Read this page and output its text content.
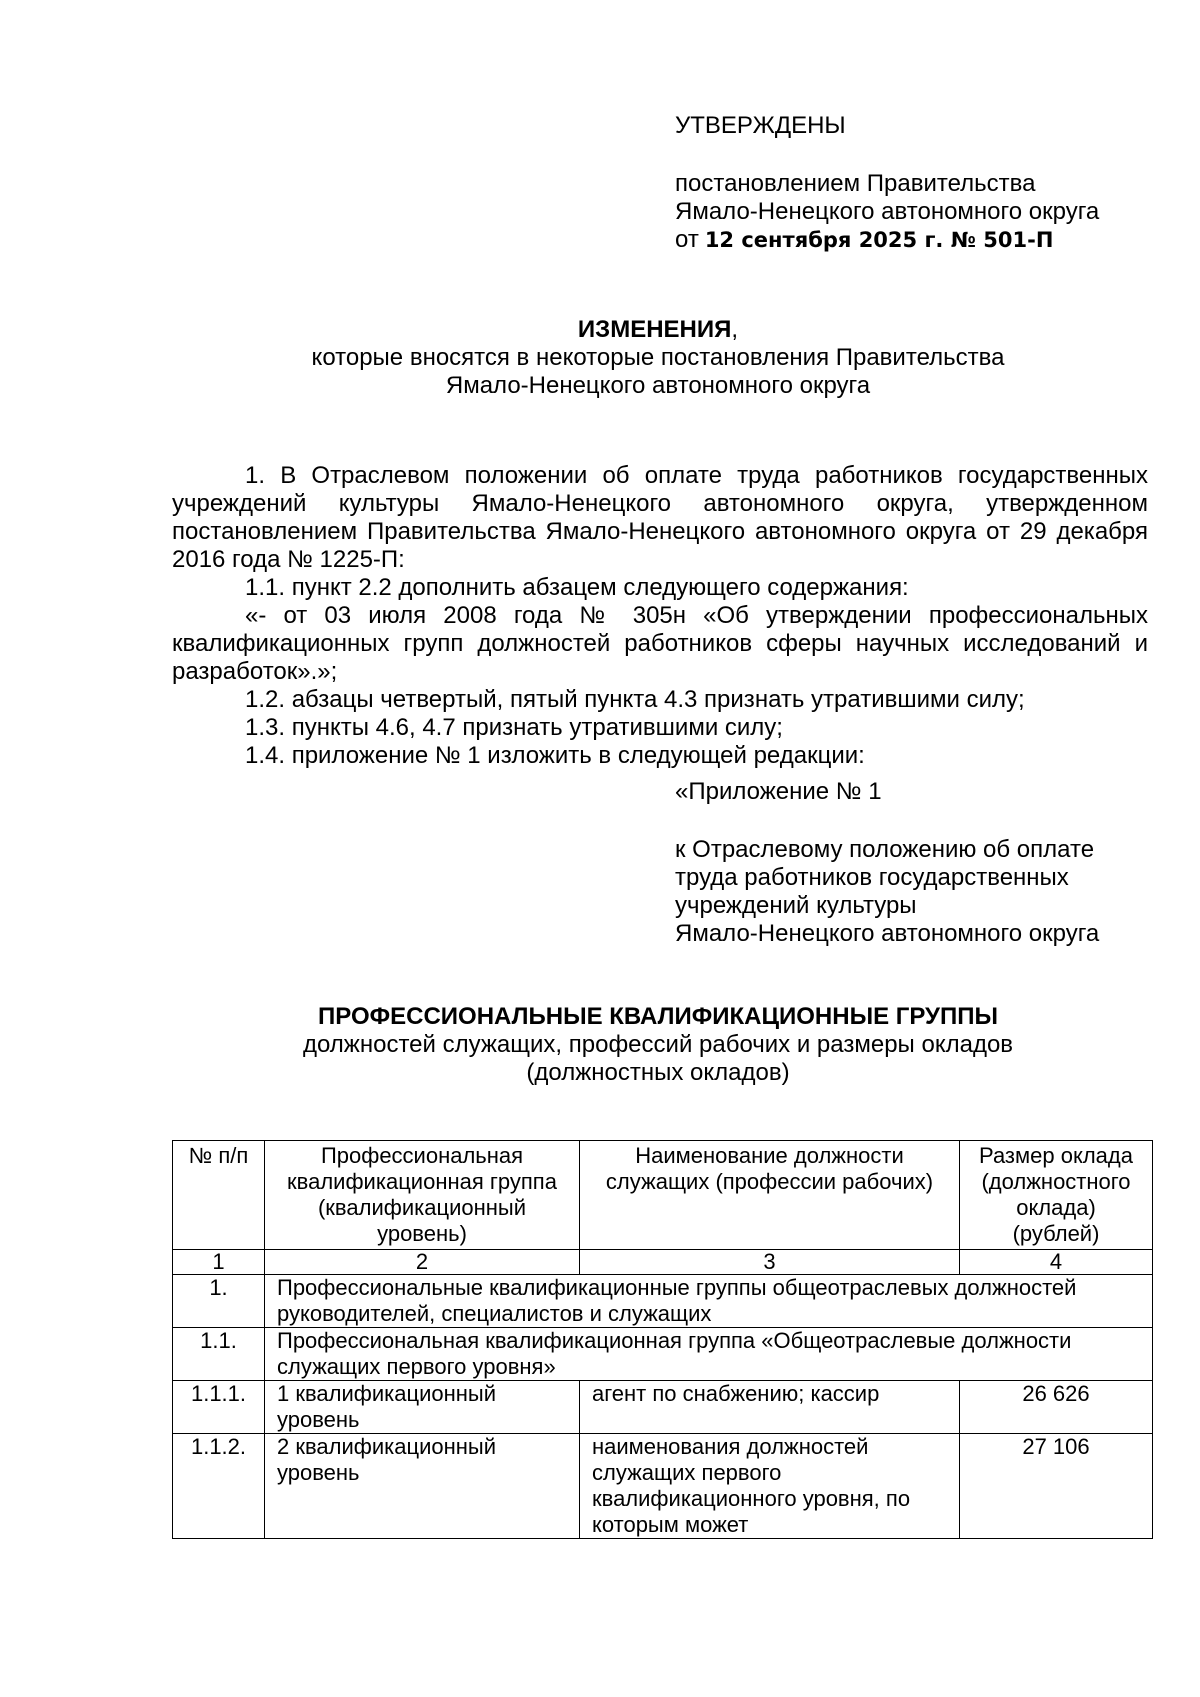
УТВЕРЖДЕНЫ
постановлением Правительства
Ямало-Ненецкого автономного округа
от 12 сентября 2025 г. № 501-П
ИЗМЕНЕНИЯ,
которые вносятся в некоторые постановления Правительства
Ямало-Ненецкого автономного округа

1. В Отраслевом положении об оплате труда работников государственных учреждений культуры Ямало-Ненецкого автономного округа, утвержденном постановлением Правительства Ямало-Ненецкого автономного округа от 29 декабря 2016 года № 1225-П:

1.1. пункт 2.2 дополнить абзацем следующего содержания:

«- от 03 июля 2008 года № 305н «Об утверждении профессиональных квалификационных групп должностей работников сферы научных исследований и разработок».»;

1.2. абзацы четвертый, пятый пункта 4.3 признать утратившими силу;

1.3. пункты 4.6, 4.7 признать утратившими силу;

1.4. приложение № 1 изложить в следующей редакции:

«Приложение № 1
к Отраслевому положению об оплате
труда работников государственных
учреждений культуры
Ямало-Ненецкого автономного округа
ПРОФЕССИОНАЛЬНЫЕ КВАЛИФИКАЦИОННЫЕ ГРУППЫ
должностей служащих, профессий рабочих и размеры окладов
(должностных окладов)
№ п/п	Профессиональная квалификационная группа (квалификационный уровень)	Наименование должности служащих (профессии рабочих)	Размер оклада (должностного оклада) (рублей)
1	2	3	4
1.	Профессиональные квалификационные группы общеотраслевых должностей руководителей, специалистов и служащих		
1.1.	Профессиональная квалификационная группа «Общеотраслевые должности служащих первого уровня»		
1.1.1.	1 квалификационный уровень	агент по снабжению; кассир	26 626
1.1.2.	2 квалификационный уровень	наименования должностей служащих первого квалификационного уровня, по которым может	27 106
